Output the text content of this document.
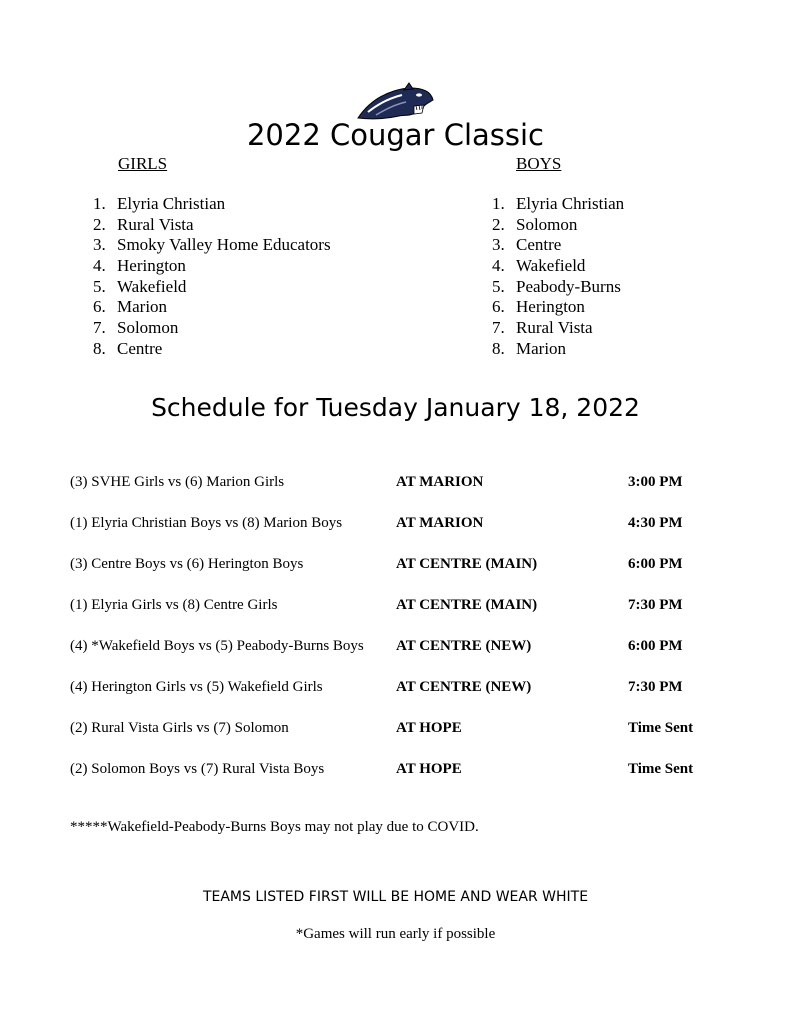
2022 Cougar Classic
GIRLS	BOYS
1. Elyria Christian
2. Rural Vista
3. Smoky Valley Home Educators
4. Herington
5. Wakefield
6. Marion
7. Solomon
8. Centre
1. Elyria Christian
2. Solomon
3. Centre
4. Wakefield
5. Peabody-Burns
6. Herington
7. Rural Vista
8. Marion
Schedule for Tuesday January 18, 2022
(3) SVHE Girls vs (6) Marion Girls	AT MARION	3:00 PM
(1) Elyria Christian Boys vs (8) Marion Boys	AT MARION	4:30 PM
(3) Centre Boys vs (6) Herington Boys	AT CENTRE (MAIN)	6:00 PM
(1) Elyria Girls vs (8) Centre Girls	AT CENTRE (MAIN)	7:30 PM
(4) *Wakefield Boys vs (5) Peabody-Burns Boys AT CENTRE (NEW)	6:00 PM
(4) Herington Girls vs (5) Wakefield Girls	AT CENTRE (NEW)	7:30 PM
(2) Rural Vista Girls vs (7) Solomon	AT HOPE	Time Sent
(2) Solomon Boys vs (7) Rural Vista Boys	AT HOPE	Time Sent
*****Wakefield-Peabody-Burns Boys may not play due to COVID.
TEAMS LISTED FIRST WILL BE HOME AND WEAR WHITE
*Games will run early if possible
